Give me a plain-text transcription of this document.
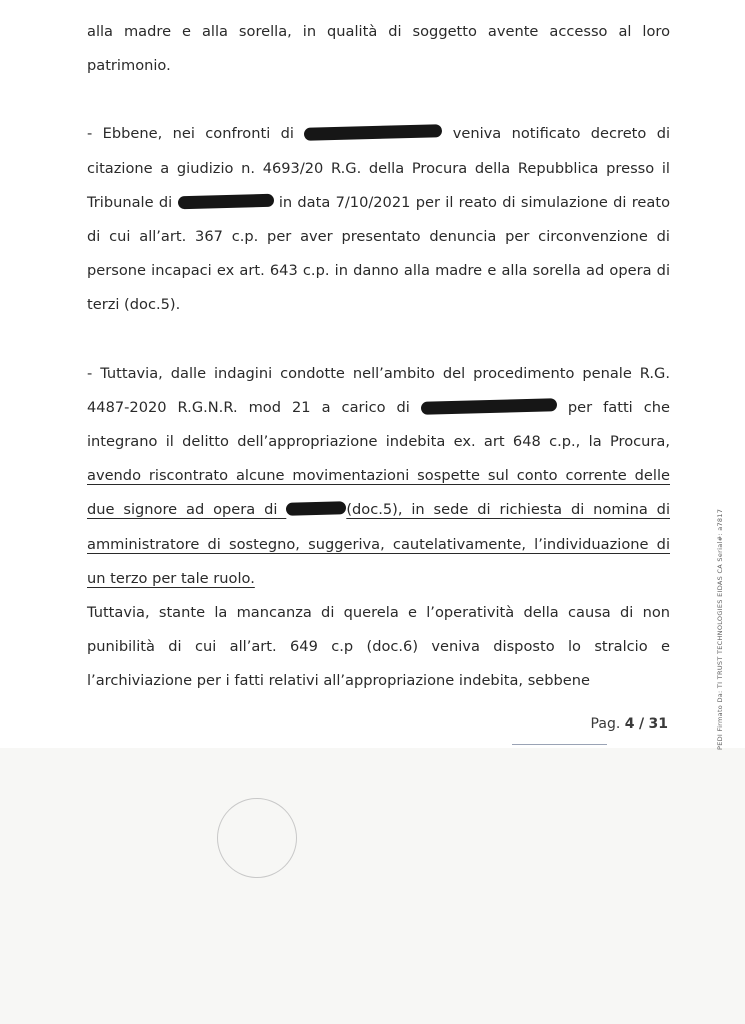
alla madre e alla sorella, in qualità di soggetto avente accesso al loro patrimonio.

- Ebbene, nei confronti di	veniva notificato decreto di citazione a giudizio n. 4693/20 R.G. della Procura della Repubblica presso il Tribunale di	in data 7/10/2021 per il reato di simulazione di reato di cui all’art. 367 c.p. per aver presentato denuncia per circonvenzione di persone incapaci ex art. 643 c.p. in danno alla madre e alla sorella ad opera di terzi (doc.5).

- Tuttavia, dalle indagini condotte nell’ambito del procedimento penale R.G. 4487-2020 R.G.N.R. mod 21 a carico di	per fatti che integrano il delitto dell’appropriazione indebita ex. art 648 c.p., la Procura, avendo riscontrato alcune movimentazioni sospette sul conto corrente delle due signore ad opera di	(doc.5), in sede di richiesta di nomina di amministratore di sostegno, suggeriva, cautelativamente, l’individuazione di un terzo per tale ruolo.

Tuttavia, stante la mancanza di querela e l’operatività della causa di non punibilità di cui all’art. 649 c.p (doc.6) veniva disposto lo stralcio e l’archiviazione per i fatti relativi all’appropriazione indebita, sebbene

Pag. 4 / 31	PEDI Firmato Da: TI TRUST TECHNOLOGIES EIDAS CA Serial#: a7817
